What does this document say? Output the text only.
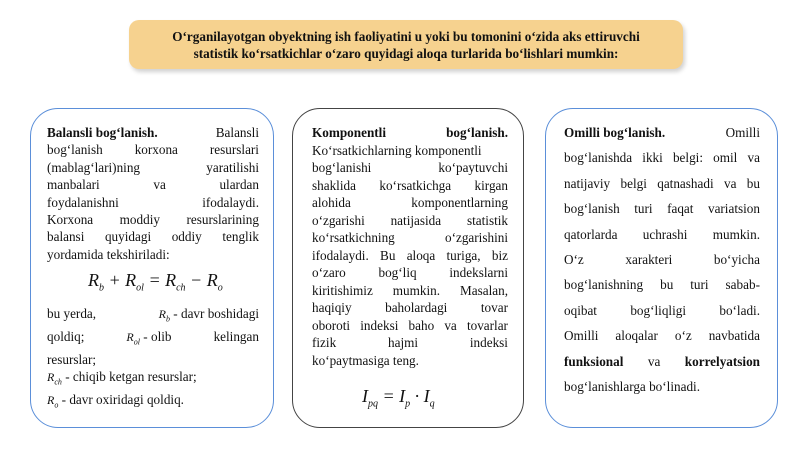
O‘rganilayotgan obyektning ish faoliyatini u yoki bu tomonini o‘zida aks ettiruvchi
statistik ko‘rsatkichlar o‘zaro quyidagi aloqa turlarida bo‘lishlari mumkin:
Balansli bog‘lanish.	Balansli
bog‘lanish korxona resurslari
(mablag‘lari)ning	yaratilishi
manbalari	va	ulardan
foydalanishni	ifodalaydi.
Korxona moddiy resurslarining
balansi quyidagi oddiy tenglik
yordamida tekshiriladi:
$R_b + R_{ol} = R_{ch} - R_o$
bu yerda,	$R_b$ - davr boshidagi
qoldiq;	$R_{ol}$ - olib	kelingan
resurslar;
$R_{ch}$ - chiqib ketgan resurslar;
$R_o$ - davr oxiridagi qoldiq.
Komponentli	bog‘lanish.
Ko‘rsatkichlarning komponentli
bog‘lanishi	ko‘paytuvchi
shaklida ko‘rsatkichga kirgan
alohida	komponentlarning
o‘zgarishi natijasida statistik
ko‘rsatkichning	o‘zgarishini
ifodalaydi. Bu aloqa turiga, biz
o‘zaro bog‘liq indekslarni
kiritishimiz mumkin. Masalan,
haqiqiy	baholardagi	tovar
oboroti indeksi baho va tovarlar
fizik	hajmi	indeksi
ko‘paytmasiga teng.
$I_{pq} = I_p \cdot I_q$
Omilli bog‘lanish.	Omilli
bog‘lanishda ikki belgi: omil va
natijaviy belgi qatnashadi va bu
bog‘lanish turi faqat variatsion
qatorlarda uchrashi mumkin.
O‘z	xarakteri	bo‘yicha
bog‘lanishning bu turi sabab-
oqibat	bog‘liqligi	bo‘ladi.
Omilli aloqalar o‘z navbatida
funksional va korrelyatsion
bog‘lanishlarga bo‘linadi.
